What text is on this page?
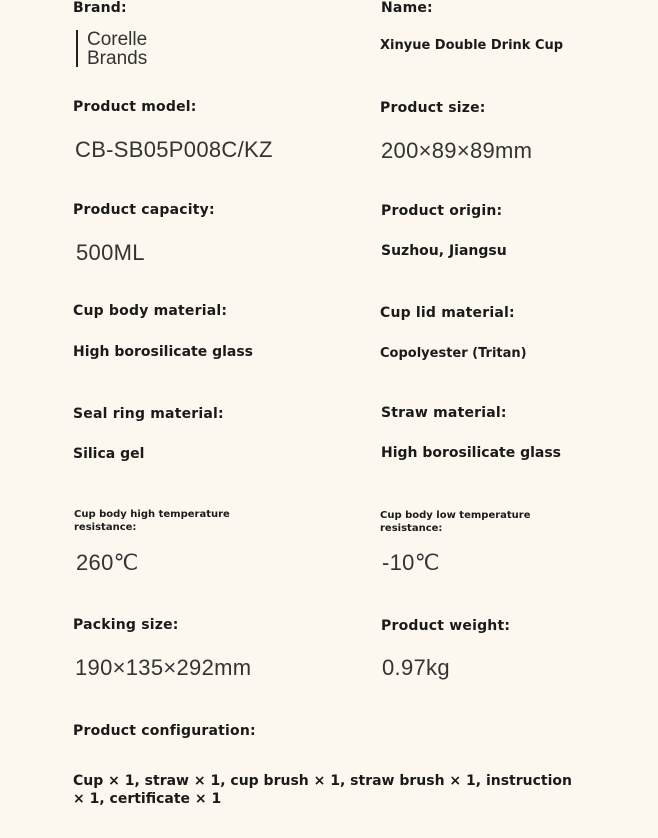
Brand:
Corelle
Brands
Name:
Xinyue Double Drink Cup
Product model:
CB-SB05P008C/KZ
Product size:
200×89×89mm
Product capacity:
500ML
Product origin:
Suzhou, Jiangsu
Cup body material:
High borosilicate glass
Cup lid material:
Copolyester (Tritan)
Seal ring material:
Silica gel
Straw material:
High borosilicate glass
Cup body high temperature resistance:
260℃
Cup body low temperature resistance:
-10℃
Packing size:
190×135×292mm
Product weight:
0.97kg
Product configuration:
Cup × 1, straw × 1, cup brush × 1, straw brush × 1, instruction × 1, certificate × 1
